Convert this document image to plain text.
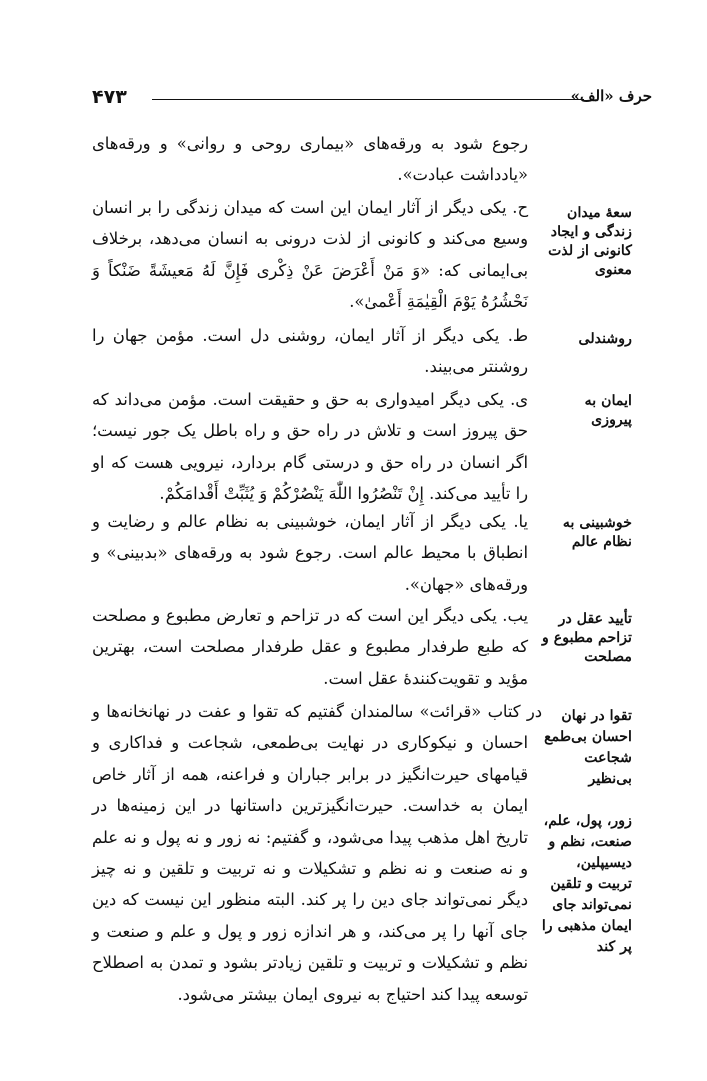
۴۷۳	حرف «الف»
رجوع شود به ورقه‌های «بیماری روحی و روانی» و ورقه‌های «یادداشت عبادت».
سعهٔ میدان زندگی و ایجاد کانونی از لذت معنوی
ح. یکی دیگر از آثار ایمان این است که میدان زندگی را بر انسان وسیع می‌کند و کانونی از لذت درونی به انسان می‌دهد، برخلاف بی‌ایمانی که: «وَ مَنْ أَعْرَضَ عَنْ ذِکْری فَإِنَّ لَهُ مَعیشَةً ضَنْکاً وَ نَحْشُرُهُ یَوْمَ الْقِیٰمَةِ أَعْمیٰ».
روشندلی
ط. یکی دیگر از آثار ایمان، روشنی دل است. مؤمن جهان را روشنتر می‌بیند.
ایمان به پیروزی
ی. یکی دیگر امیدواری به حق و حقیقت است. مؤمن می‌داند که حق پیروز است و تلاش در راه حق و راه باطل یک جور نیست؛ اگر انسان در راه حق و درستی گام بردارد، نیرویی هست که او را تأیید می‌کند. إِنْ تَنْصُرُوا اللّٰهَ یَنْصُرْکُمْ وَ یُثَبِّتْ أَقْدامَکُمْ.
خوشبینی به نظام عالم
یا. یکی دیگر از آثار ایمان، خوشبینی به نظام عالم و رضایت و انطباق با محیط عالم است. رجوع شود به ورقه‌های «بدبینی» و ورقه‌های «جهان».
تأیید عقل در تزاحم مطبوع و مصلحت
یب. یکی دیگر این است که در تزاحم و تعارض مطبوع و مصلحت که طبع طرفدار مطبوع و عقل طرفدار مصلحت است، بهترین مؤید و تقویت‌کنندهٔ عقل است.
تقوا در نهان
احسان بی‌طمع
شجاعت بی‌نظیر

زور، پول، علم، صنعت، نظم و دیسیپلین، تربیت و تلقین نمی‌تواند جای ایمان مذهبی را پر کند
در کتاب «قرائت» سالمندان گفتیم که تقوا و عفت در نهانخانه‌ها و احسان و نیکوکاری در نهایت بی‌طمعی، شجاعت و فداکاری و قیامهای حیرت‌انگیز در برابر جباران و فراعنه، همه از آثار خاص ایمان به خداست. حیرت‌انگیزترین داستانها در این زمینه‌ها در تاریخ اهل مذهب پیدا می‌شود، و گفتیم: نه زور و نه پول و نه علم و نه صنعت و نه نظم و تشکیلات و نه تربیت و تلقین و نه چیز دیگر نمی‌تواند جای دین را پر کند. البته منظور این نیست که دین جای آنها را پر می‌کند، و هر اندازه زور و پول و علم و صنعت و نظم و تشکیلات و تربیت و تلقین زیادتر بشود و تمدن به اصطلاح توسعه پیدا کند احتیاج به نیروی ایمان بیشتر می‌شود.
